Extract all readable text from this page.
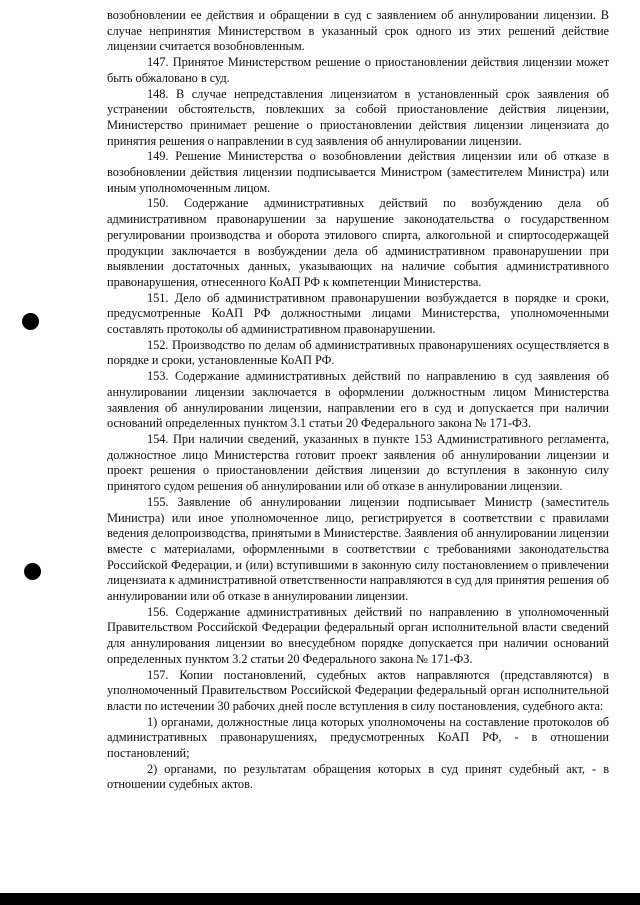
возобновлении ее действия и обращении в суд с заявлением об аннулировании лицензии. В случае непринятия Министерством в указанный срок одного из этих решений действие лицензии считается возобновленным.

147. Принятое Министерством решение о приостановлении действия лицензии может быть обжаловано в суд.

148. В случае непредставления лицензиатом в установленный срок заявления об устранении обстоятельств, повлекших за собой приостановление действия лицензии, Министерство принимает решение о приостановлении действия лицензии лицензиата до принятия решения о направлении в суд заявления об аннулировании лицензии.

149. Решение Министерства о возобновлении действия лицензии или об отказе в возобновлении действия лицензии подписывается Министром (заместителем Министра) или иным уполномоченным лицом.

150. Содержание административных действий по возбуждению дела об административном правонарушении за нарушение законодательства о государственном регулировании производства и оборота этилового спирта, алкогольной и спиртосодержащей продукции заключается в возбуждении дела об административном правонарушении при выявлении достаточных данных, указывающих на наличие события административного правонарушения, отнесенного КоАП РФ к компетенции Министерства.

151. Дело об административном правонарушении возбуждается в порядке и сроки, предусмотренные КоАП РФ должностными лицами Министерства, уполномоченными составлять протоколы об административном правонарушении.

152. Производство по делам об административных правонарушениях осуществляется в порядке и сроки, установленные КоАП РФ.

153. Содержание административных действий по направлению в суд заявления об аннулировании лицензии заключается в оформлении должностным лицом Министерства заявления об аннулировании лицензии, направлении его в суд и допускается при наличии оснований определенных пунктом 3.1 статьи 20 Федерального закона № 171-ФЗ.

154. При наличии сведений, указанных в пункте 153 Административного регламента, должностное лицо Министерства готовит проект заявления об аннулировании лицензии и проект решения о приостановлении действия лицензии до вступления в законную силу принятого судом решения об аннулировании или об отказе в аннулировании лицензии.

155. Заявление об аннулировании лицензии подписывает Министр (заместитель Министра) или иное уполномоченное лицо, регистрируется в соответствии с правилами ведения делопроизводства, принятыми в Министерстве. Заявления об аннулировании лицензии вместе с материалами, оформленными в соответствии с требованиями законодательства Российской Федерации, и (или) вступившими в законную силу постановлением о привлечении лицензиата к административной ответственности направляются в суд для принятия решения об аннулировании или об отказе в аннулировании лицензии.

156. Содержание административных действий по направлению в уполномоченный Правительством Российской Федерации федеральный орган исполнительной власти сведений для аннулирования лицензии во внесудебном порядке допускается при наличии оснований определенных пунктом 3.2 статьи 20 Федерального закона № 171-ФЗ.

157. Копии постановлений, судебных актов направляются (представляются) в уполномоченный Правительством Российской Федерации федеральный орган исполнительной власти по истечении 30 рабочих дней после вступления в силу постановления, судебного акта:

1) органами, должностные лица которых уполномочены на составление протоколов об административных правонарушениях, предусмотренных КоАП РФ, - в отношении постановлений;

2) органами, по результатам обращения которых в суд принят судебный акт, - в отношении судебных актов.
